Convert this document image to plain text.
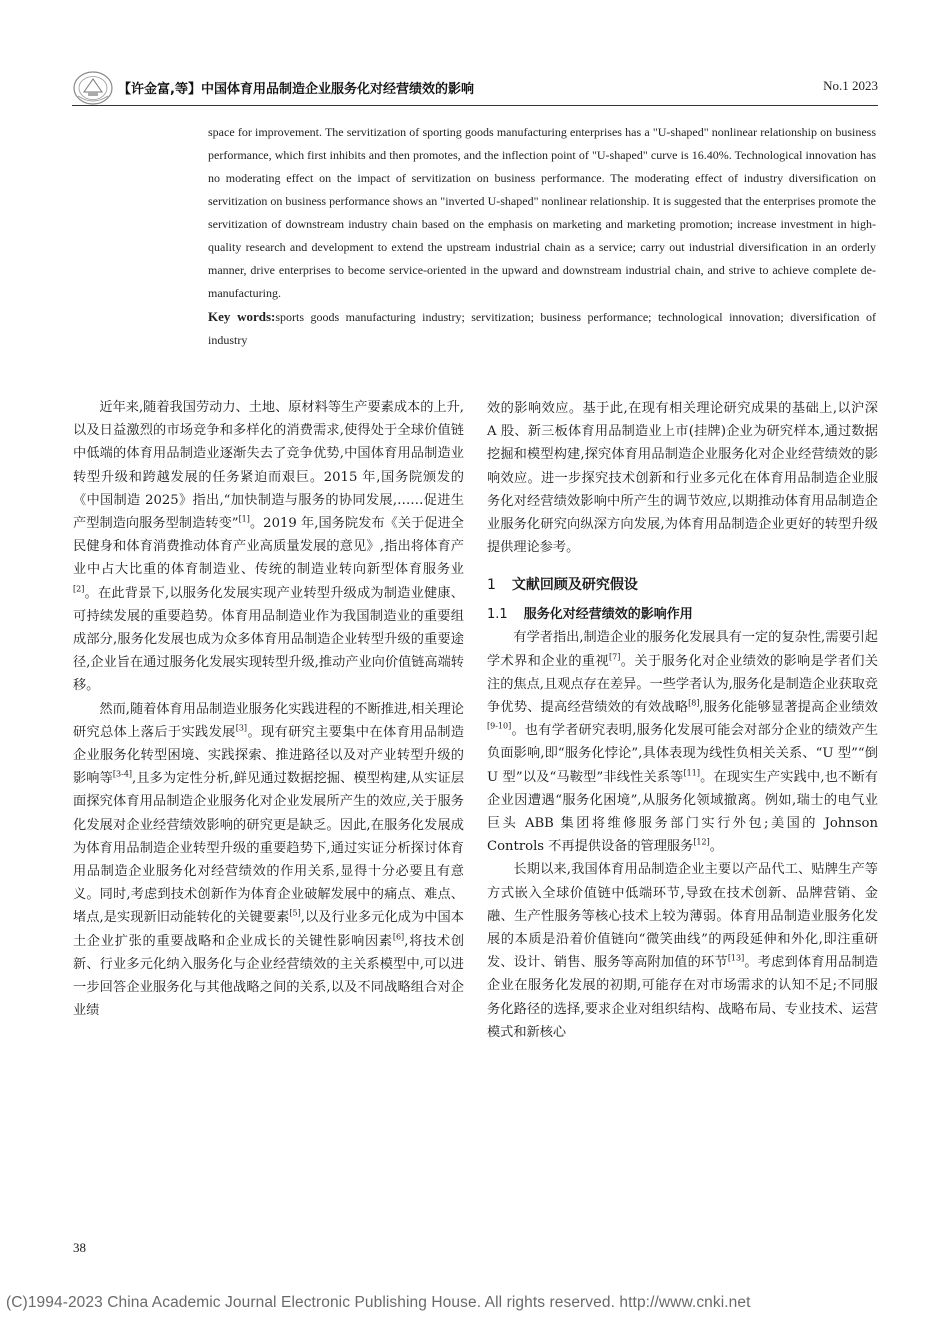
【许金富,等】中国体育用品制造企业服务化对经营绩效的影响	No.1 2023

space for improvement. The servitization of sporting goods manufacturing enterprises has a "U-shaped" nonlinear relationship on business performance, which first inhibits and then promotes, and the inflection point of "U-shaped" curve is 16.40%. Technological innovation has no moderating effect on the impact of servitization on business performance. The moderating effect of industry diversification on servitization on business performance shows an "inverted U-shaped" nonlinear relationship. It is suggested that the enterprises promote the servitization of downstream industry chain based on the emphasis on marketing and marketing promotion; increase investment in high-quality research and development to extend the upstream industrial chain as a service; carry out industrial diversification in an orderly manner, drive enterprises to become service-oriented in the upward and downstream industrial chain, and strive to achieve complete de-manufacturing.

Key words:sports goods manufacturing industry; servitization; business performance; technological innovation; diversification of industry

近年来,随着我国劳动力、土地、原材料等生产要素成本的上升,以及日益激烈的市场竞争和多样化的消费需求,使得处于全球价值链中低端的体育用品制造业逐渐失去了竞争优势,中国体育用品制造业转型升级和跨越发展的任务紧迫而艰巨。2015 年,国务院颁发的《中国制造 2025》指出,“加快制造与服务的协同发展,……促进生产型制造向服务型制造转变”[1]。2019 年,国务院发布《关于促进全民健身和体育消费推动体育产业高质量发展的意见》,指出将体育产业中占大比重的体育制造业、传统的制造业转向新型体育服务业[2]。在此背景下,以服务化发展实现产业转型升级成为制造业健康、可持续发展的重要趋势。体育用品制造业作为我国制造业的重要组成部分,服务化发展也成为众多体育用品制造企业转型升级的重要途径,企业旨在通过服务化发展实现转型升级,推动产业向价值链高端转移。

然而,随着体育用品制造业服务化实践进程的不断推进,相关理论研究总体上落后于实践发展[3]。现有研究主要集中在体育用品制造企业服务化转型困境、实践探索、推进路径以及对产业转型升级的影响等[3-4],且多为定性分析,鲜见通过数据挖掘、模型构建,从实证层面探究体育用品制造企业服务化对企业发展所产生的效应,关于服务化发展对企业经营绩效影响的研究更是缺乏。因此,在服务化发展成为体育用品制造企业转型升级的重要趋势下,通过实证分析探讨体育用品制造企业服务化对经营绩效的作用关系,显得十分必要且有意义。同时,考虑到技术创新作为体育企业破解发展中的痛点、难点、堵点,是实现新旧动能转化的关键要素[5],以及行业多元化成为中国本土企业扩张的重要战略和企业成长的关键性影响因素[6],将技术创新、行业多元化纳入服务化与企业经营绩效的主关系模型中,可以进一步回答企业服务化与其他战略之间的关系,以及不同战略组合对企业绩

效的影响效应。基于此,在现有相关理论研究成果的基础上,以沪深 A 股、新三板体育用品制造业上市(挂牌)企业为研究样本,通过数据挖掘和模型构建,探究体育用品制造企业服务化对企业经营绩效的影响效应。进一步探究技术创新和行业多元化在体育用品制造企业服务化对经营绩效影响中所产生的调节效应,以期推动体育用品制造企业服务化研究向纵深方向发展,为体育用品制造企业更好的转型升级提供理论参考。

1 文献回顾及研究假设
1.1 服务化对经营绩效的影响作用

有学者指出,制造企业的服务化发展具有一定的复杂性,需要引起学术界和企业的重视[7]。关于服务化对企业绩效的影响是学者们关注的焦点,且观点存在差异。一些学者认为,服务化是制造企业获取竞争优势、提高经营绩效的有效战略[8],服务化能够显著提高企业绩效[9-10]。也有学者研究表明,服务化发展可能会对部分企业的绩效产生负面影响,即“服务化悖论”,具体表现为线性负相关关系、“U 型”“倒 U 型”以及“马鞍型”非线性关系等[11]。在现实生产实践中,也不断有企业因遭遇“服务化困境”,从服务化领域撤离。例如,瑞士的电气业巨头 ABB 集团将维修服务部门实行外包;美国的 Johnson Controls 不再提供设备的管理服务[12]。

长期以来,我国体育用品制造企业主要以产品代工、贴牌生产等方式嵌入全球价值链中低端环节,导致在技术创新、品牌营销、金融、生产性服务等核心技术上较为薄弱。体育用品制造业服务化发展的本质是沿着价值链向“微笑曲线”的两段延伸和外化,即注重研发、设计、销售、服务等高附加值的环节[13]。考虑到体育用品制造企业在服务化发展的初期,可能存在对市场需求的认知不足;不同服务化路径的选择,要求企业对组织结构、战略布局、专业技术、运营模式和新核心

38
(C)1994-2023 China Academic Journal Electronic Publishing House. All rights reserved. http://www.cnki.net
